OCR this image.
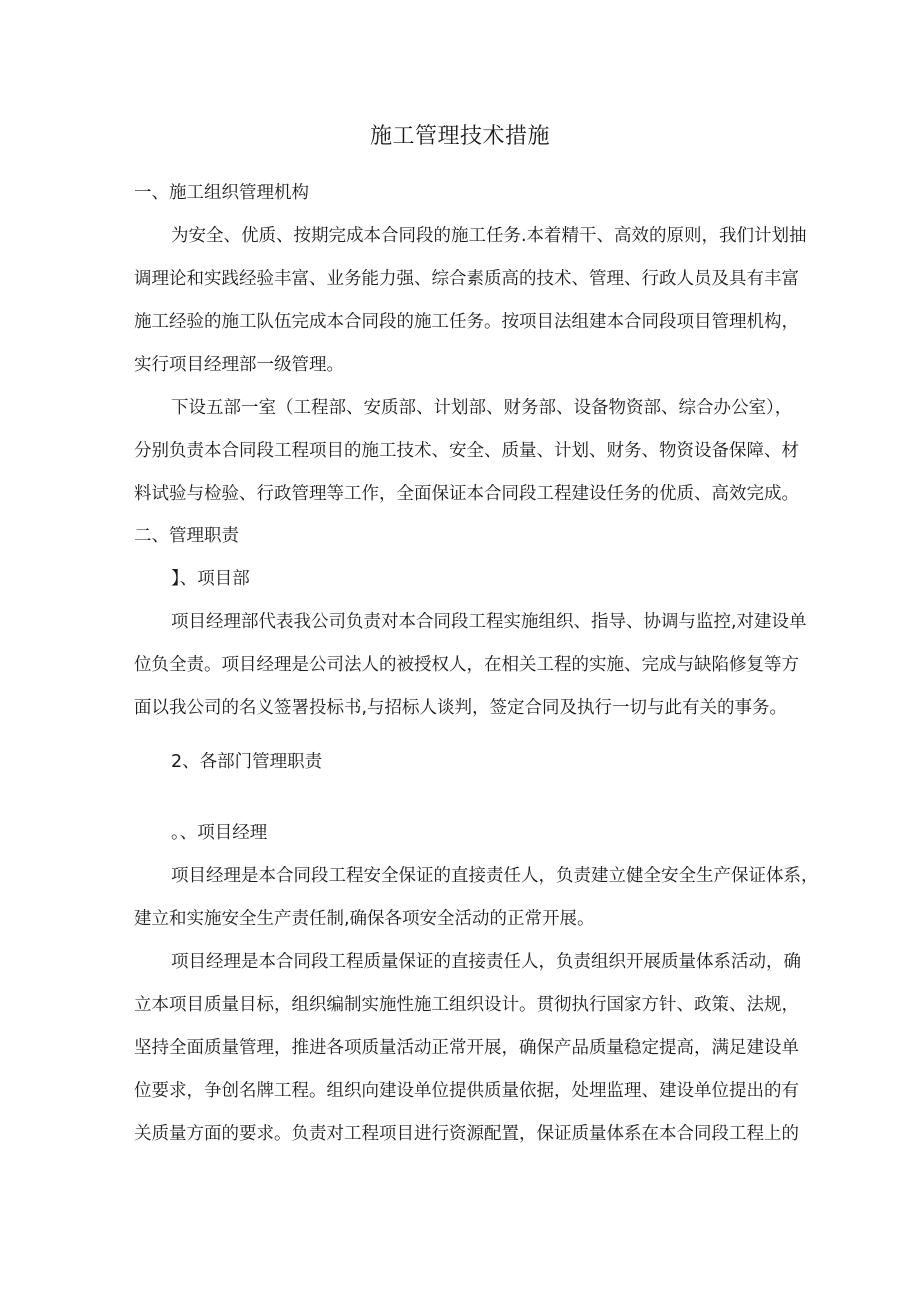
施工管理技术措施
一、施工组织管理机构
为安全、优质、按期完成本合同段的施工任务.本着精干、高效的原则，我们计划抽
调理论和实践经验丰富、业务能力强、综合素质高的技术、管理、行政人员及具有丰富
施工经验的施工队伍完成本合同段的施工任务。按项目法组建本合同段项目管理机构，
实行项目经理部一级管理。
下设五部一室（工程部、安质部、计划部、财务部、设备物资部、综合办公室），
分别负责本合同段工程项目的施工技术、安全、质量、计划、财务、物资设备保障、材
料试验与检验、行政管理等工作，全面保证本合同段工程建设任务的优质、高效完成。
二、管理职责
】、项目部
项目经理部代表我公司负责对本合同段工程实施组织、指导、协调与监控,对建设单
位负全责。项目经理是公司法人的被授权人，在相关工程的实施、完成与缺陷修复等方
面以我公司的名义签署投标书,与招标人谈判，签定合同及执行一切与此有关的事务。
2、各部门管理职责
。、项目经理
项目经理是本合同段工程安全保证的直接责任人，负责建立健全安全生产保证体系，
建立和实施安全生产责任制,确保各项安全活动的正常开展。
项目经理是本合同段工程质量保证的直接责任人，负责组织开展质量体系活动，确
立本项目质量目标，组织编制实施性施工组织设计。贯彻执行国家方针、政策、法规，
坚持全面质量管理，推进各项质量活动正常开展，确保产品质量稳定提高，满足建设单
位要求，争创名牌工程。组织向建设单位提供质量依据，处埋监理、建设单位提出的有
关质量方面的要求。负责对工程项目进行资源配置，保证质量体系在本合同段工程上的
